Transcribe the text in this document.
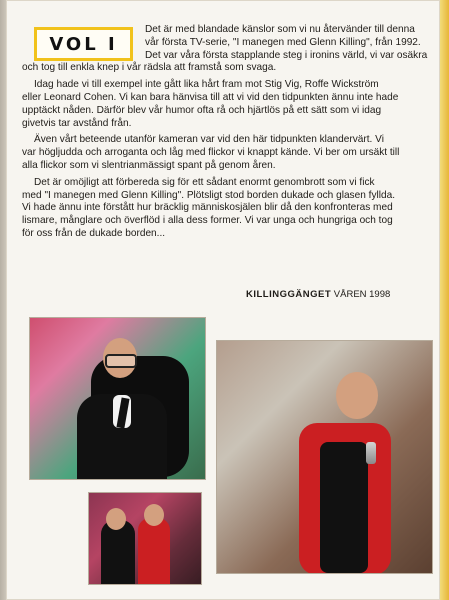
VOL I

Det är med blandade känslor som vi nu återvänder till denna
vår första TV-serie, "I manegen med Glenn Killing", från 1992.
Det var våra första stapplande steg i ironins värld, vi var osäkra
och tog till enkla knep i vår rädsla att framstå som svaga.

Idag hade vi till exempel inte gått lika hårt fram mot Stig Vig, Roffe Wickström
eller Leonard Cohen. Vi kan bara hänvisa till att vi vid den tidpunkten ännu inte hade
upptäckt nåden. Därför blev vår humor ofta rå och hjärtlös på ett sätt som vi idag
givetvis tar avstånd från.

Även vårt beteende utanför kameran var vid den här tidpunkten klandervärt. Vi
var högljudda och arroganta och låg med flickor vi knappt kände. Vi ber om ursäkt till
alla flickor som vi slentrianmässigt spant på genom åren.

Det är omöjligt att förbereda sig för ett sådant enormt genombrott som vi fick
med "I manegen med Glenn Killing". Plötsligt stod borden dukade och glasen fyllda.
Vi hade ännu inte förstått hur bräcklig människosjälen blir då den konfronteras med
lismare, månglare och överflöd i alla dess former. Vi var unga och hungriga och tog
för oss från de dukade borden...

KILLINGGÄNGET VÅREN 1998
